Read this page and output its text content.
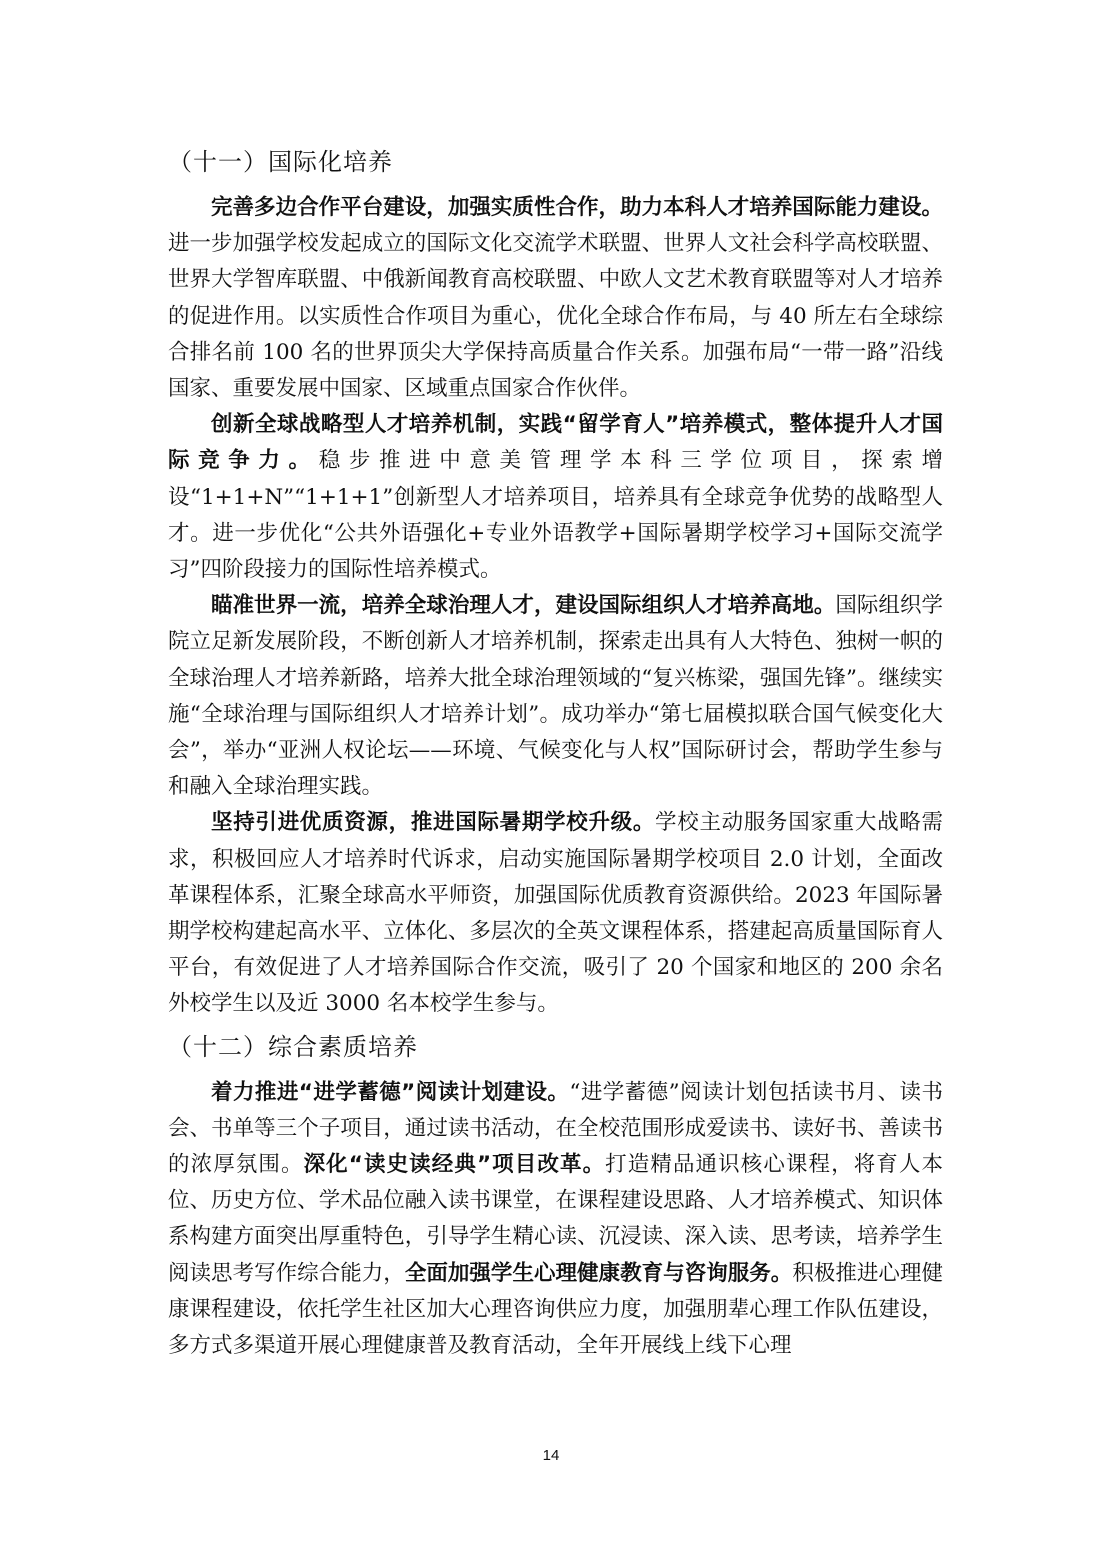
（十一）国际化培养

完善多边合作平台建设，加强实质性合作，助力本科人才培养国际能力建设。进一步加强学校发起成立的国际文化交流学术联盟、世界人文社会科学高校联盟、世界大学智库联盟、中俄新闻教育高校联盟、中欧人文艺术教育联盟等对人才培养的促进作用。以实质性合作项目为重心，优化全球合作布局，与 40 所左右全球综合排名前 100 名的世界顶尖大学保持高质量合作关系。加强布局“一带一路”沿线国家、重要发展中国家、区域重点国家合作伙伴。

创新全球战略型人才培养机制，实践“留学育人”培养模式，整体提升人才国际竞争力。稳步推进中意美管理学本科三学位项目，探索增设“1+1+N”“1+1+1”创新型人才培养项目，培养具有全球竞争优势的战略型人才。进一步优化“公共外语强化+专业外语教学+国际暑期学校学习+国际交流学习”四阶段接力的国际性培养模式。

瞄准世界一流，培养全球治理人才，建设国际组织人才培养高地。国际组织学院立足新发展阶段，不断创新人才培养机制，探索走出具有人大特色、独树一帜的全球治理人才培养新路，培养大批全球治理领域的“复兴栋梁，强国先锋”。继续实施“全球治理与国际组织人才培养计划”。成功举办“第七届模拟联合国气候变化大会”，举办“亚洲人权论坛——环境、气候变化与人权”国际研讨会，帮助学生参与和融入全球治理实践。

坚持引进优质资源，推进国际暑期学校升级。学校主动服务国家重大战略需求，积极回应人才培养时代诉求，启动实施国际暑期学校项目 2.0 计划，全面改革课程体系，汇聚全球高水平师资，加强国际优质教育资源供给。2023 年国际暑期学校构建起高水平、立体化、多层次的全英文课程体系，搭建起高质量国际育人平台，有效促进了人才培养国际合作交流，吸引了 20 个国家和地区的 200 余名外校学生以及近 3000 名本校学生参与。

（十二）综合素质培养

着力推进“进学蓄德”阅读计划建设。“进学蓄德”阅读计划包括读书月、读书会、书单等三个子项目，通过读书活动，在全校范围形成爱读书、读好书、善读书的浓厚氛围。深化“读史读经典”项目改革。打造精品通识核心课程，将育人本位、历史方位、学术品位融入读书课堂，在课程建设思路、人才培养模式、知识体系构建方面突出厚重特色，引导学生精心读、沉浸读、深入读、思考读，培养学生阅读思考写作综合能力，全面加强学生心理健康教育与咨询服务。积极推进心理健康课程建设，依托学生社区加大心理咨询供应力度，加强朋辈心理工作队伍建设，多方式多渠道开展心理健康普及教育活动，全年开展线上线下心理

14
